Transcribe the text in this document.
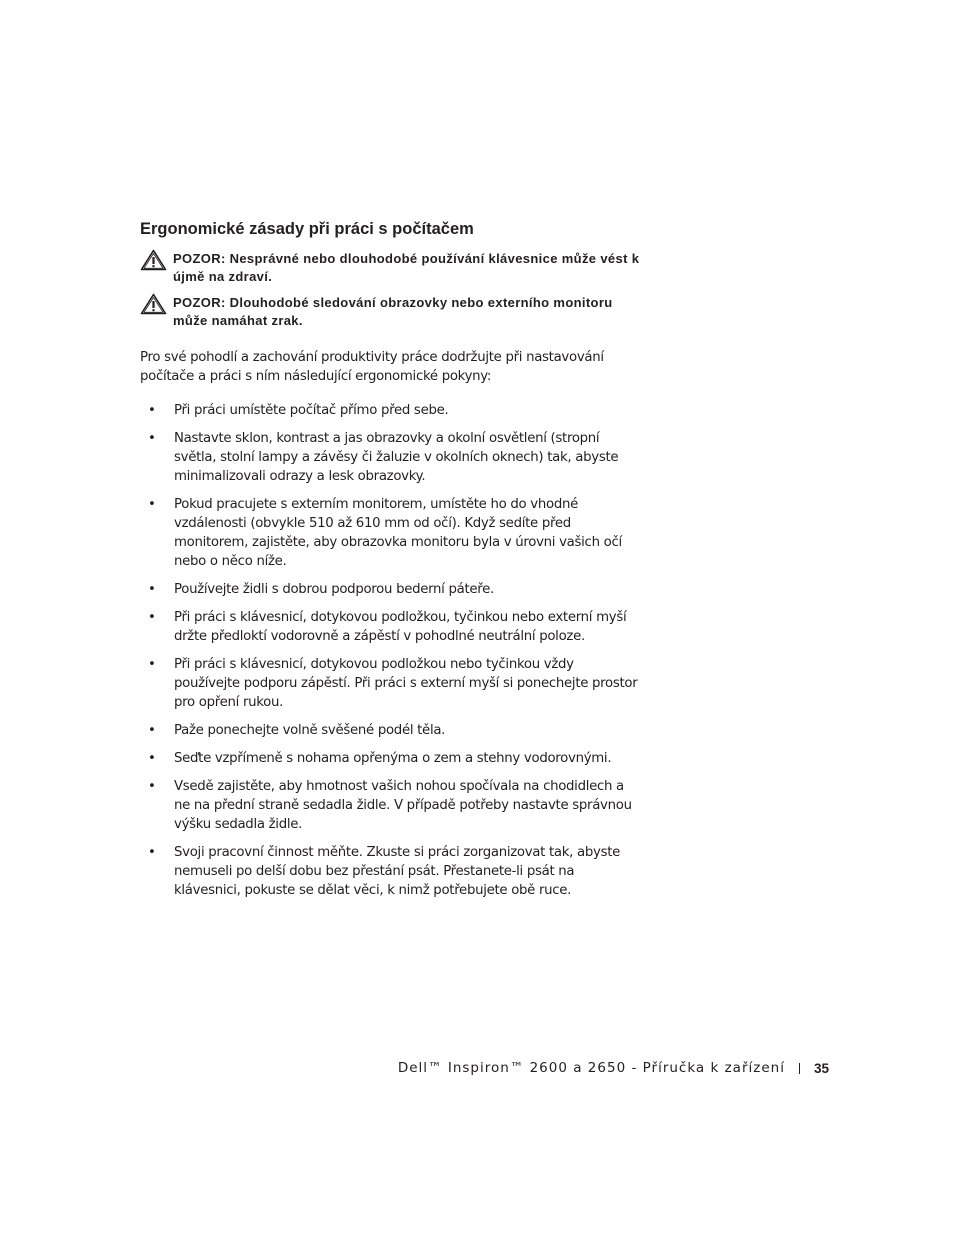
Ergonomické zásady při práci s počítačem
POZOR: Nesprávné nebo dlouhodobé používání klávesnice může vést k újmě na zdraví.
POZOR: Dlouhodobé sledování obrazovky nebo externího monitoru může namáhat zrak.

Pro své pohodlí a zachování produktivity práce dodržujte při nastavování počítače a práci s ním následující ergonomické pokyny:

• Při práci umístěte počítač přímo před sebe.
• Nastavte sklon, kontrast a jas obrazovky a okolní osvětlení (stropní světla, stolní lampy a závěsy či žaluzie v okolních oknech) tak, abyste minimalizovali odrazy a lesk obrazovky.
• Pokud pracujete s externím monitorem, umístěte ho do vhodné vzdálenosti (obvykle 510 až 610 mm od očí). Když sedíte před monitorem, zajistěte, aby obrazovka monitoru byla v úrovni vašich očí nebo o něco níže.
• Používejte židli s dobrou podporou bederní páteře.
• Při práci s klávesnicí, dotykovou podložkou, tyčinkou nebo externí myší držte předloktí vodorovně a zápěstí v pohodlné neutrální poloze.
• Při práci s klávesnicí, dotykovou podložkou nebo tyčinkou vždy používejte podporu zápěstí. Při práci s externí myší si ponechejte prostor pro opření rukou.
• Paže ponechejte volně svěšené podél těla.
• Seďte vzpřímeně s nohama opřenýma o zem a stehny vodorovnými.
• Vsedě zajistěte, aby hmotnost vašich nohou spočívala na chodidlech a ne na přední straně sedadla židle. V případě potřeby nastavte správnou výšku sedadla židle.
• Svoji pracovní činnost měňte. Zkuste si práci zorganizovat tak, abyste nemuseli po delší dobu bez přestání psát. Přestanete-li psát na klávesnici, pokuste se dělat věci, k nimž potřebujete obě ruce.
Dell™ Inspiron™ 2600 a 2650 - Příručka k zařízení 35
